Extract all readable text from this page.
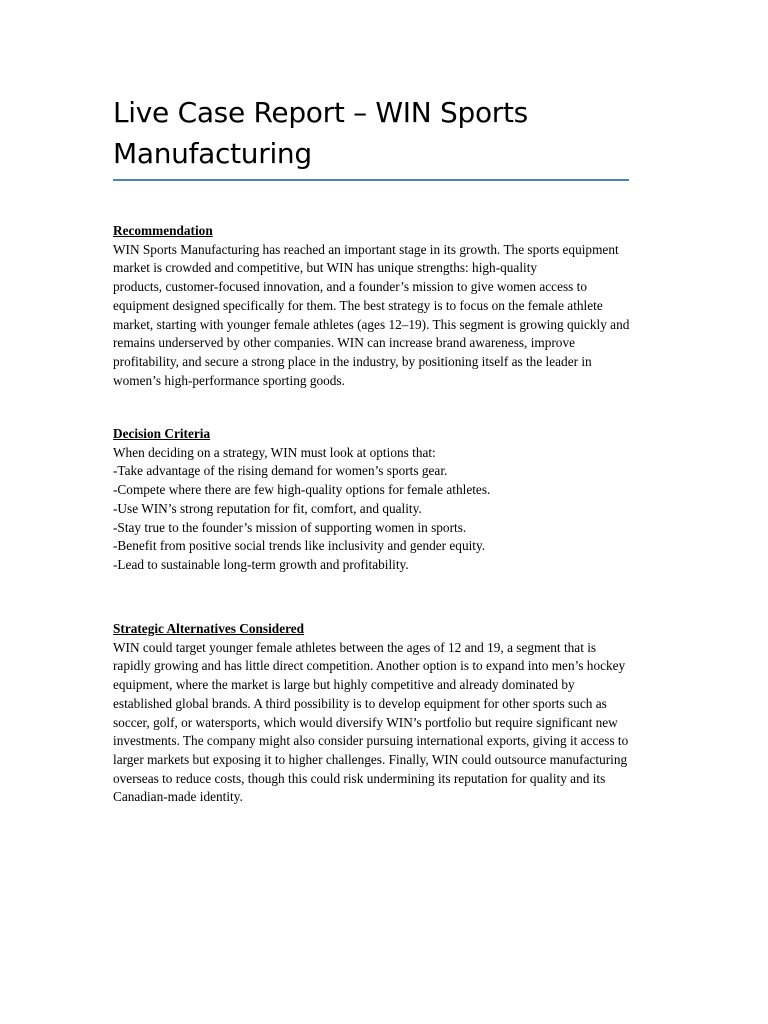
Live Case Report – WIN Sports
Manufacturing
Recommendation

WIN Sports Manufacturing has reached an important stage in its growth. The sports equipment
market is crowded and competitive, but WIN has unique strengths: high-quality
products, customer-focused innovation, and a founder’s mission to give women access to
equipment designed specifically for them. The best strategy is to focus on the female athlete
market, starting with younger female athletes (ages 12–19). This segment is growing quickly and
remains underserved by other companies. WIN can increase brand awareness, improve
profitability, and secure a strong place in the industry, by positioning itself as the leader in
women’s high-performance sporting goods.

Decision Criteria

When deciding on a strategy, WIN must look at options that:
-Take advantage of the rising demand for women’s sports gear.
-Compete where there are few high-quality options for female athletes.
-Use WIN’s strong reputation for fit, comfort, and quality.
-Stay true to the founder’s mission of supporting women in sports.
-Benefit from positive social trends like inclusivity and gender equity.
-Lead to sustainable long-term growth and profitability.

Strategic Alternatives Considered

WIN could target younger female athletes between the ages of 12 and 19, a segment that is
rapidly growing and has little direct competition. Another option is to expand into men’s hockey
equipment, where the market is large but highly competitive and already dominated by
established global brands. A third possibility is to develop equipment for other sports such as
soccer, golf, or watersports, which would diversify WIN’s portfolio but require significant new
investments. The company might also consider pursuing international exports, giving it access to
larger markets but exposing it to higher challenges. Finally, WIN could outsource manufacturing
overseas to reduce costs, though this could risk undermining its reputation for quality and its
Canadian-made identity.
